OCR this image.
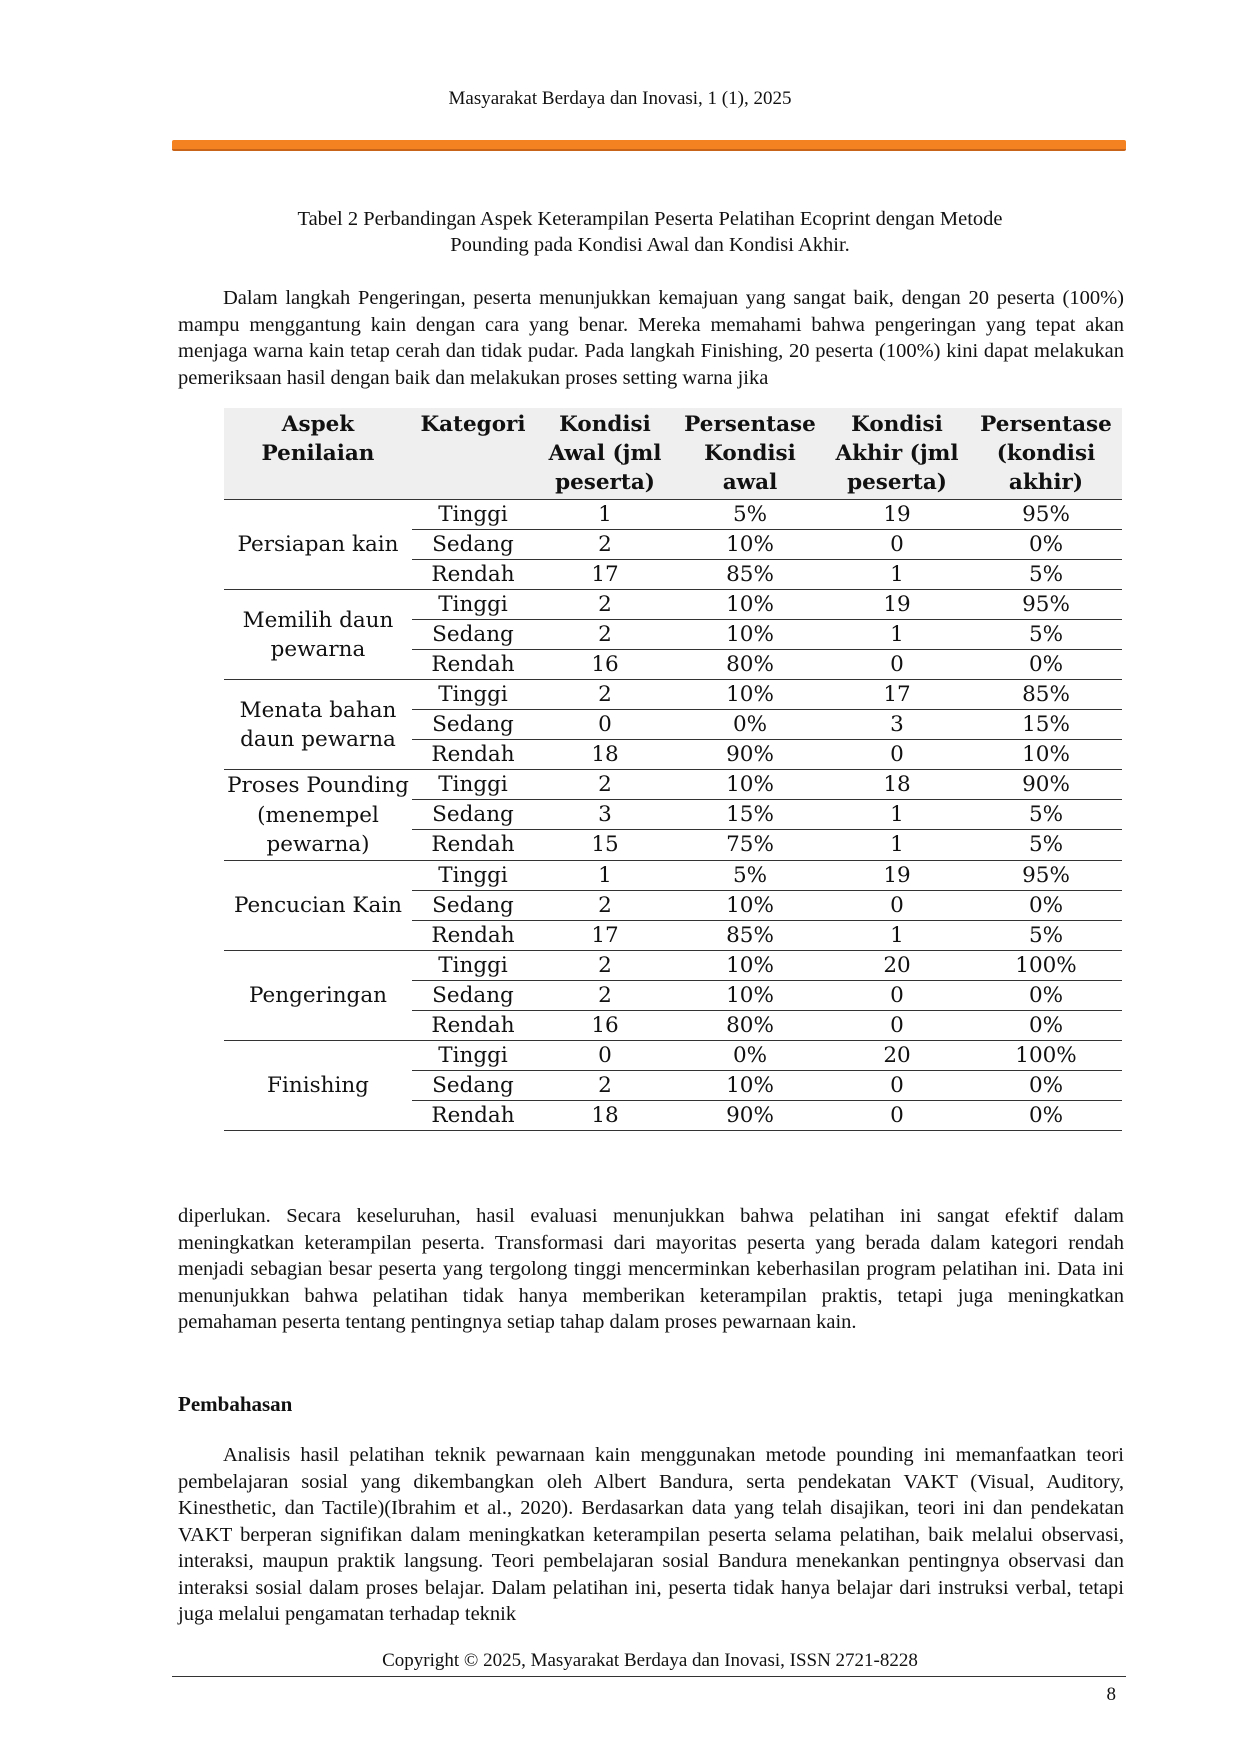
Masyarakat Berdaya dan Inovasi, 1 (1), 2025
Tabel 2 Perbandingan Aspek Keterampilan Peserta Pelatihan Ecoprint dengan Metode Pounding pada Kondisi Awal dan Kondisi Akhir.

Dalam langkah Pengeringan, peserta menunjukkan kemajuan yang sangat baik, dengan 20 peserta (100%) mampu menggantung kain dengan cara yang benar. Mereka memahami bahwa pengeringan yang tepat akan menjaga warna kain tetap cerah dan tidak pudar. Pada langkah Finishing, 20 peserta (100%) kini dapat melakukan pemeriksaan hasil dengan baik dan melakukan proses setting warna jika

Aspek Penilaian	Kategori	Kondisi Awal (jml peserta)	Persentase Kondisi awal	Kondisi Akhir (jml peserta)	Persentase (kondisi akhir)
Persiapan kain	Tinggi	1	5%	19	95%
	Sedang	2	10%	0	0%
	Rendah	17	85%	1	5%
Memilih daun pewarna	Tinggi	2	10%	19	95%
	Sedang	2	10%	1	5%
	Rendah	16	80%	0	0%
Menata bahan daun pewarna	Tinggi	2	10%	17	85%
	Sedang	0	0%	3	15%
	Rendah	18	90%	0	10%
Proses Pounding (menempel pewarna)	Tinggi	2	10%	18	90%
	Sedang	3	15%	1	5%
	Rendah	15	75%	1	5%
Pencucian Kain	Tinggi	1	5%	19	95%
	Sedang	2	10%	0	0%
	Rendah	17	85%	1	5%
Pengeringan	Tinggi	2	10%	20	100%
	Sedang	2	10%	0	0%
	Rendah	16	80%	0	0%
Finishing	Tinggi	0	0%	20	100%
	Sedang	2	10%	0	0%
	Rendah	18	90%	0	0%

diperlukan. Secara keseluruhan, hasil evaluasi menunjukkan bahwa pelatihan ini sangat efektif dalam meningkatkan keterampilan peserta. Transformasi dari mayoritas peserta yang berada dalam kategori rendah menjadi sebagian besar peserta yang tergolong tinggi mencerminkan keberhasilan program pelatihan ini. Data ini menunjukkan bahwa pelatihan tidak hanya memberikan keterampilan praktis, tetapi juga meningkatkan pemahaman peserta tentang pentingnya setiap tahap dalam proses pewarnaan kain.

Pembahasan

Analisis hasil pelatihan teknik pewarnaan kain menggunakan metode pounding ini memanfaatkan teori pembelajaran sosial yang dikembangkan oleh Albert Bandura, serta pendekatan VAKT (Visual, Auditory, Kinesthetic, dan Tactile)(Ibrahim et al., 2020). Berdasarkan data yang telah disajikan, teori ini dan pendekatan VAKT berperan signifikan dalam meningkatkan keterampilan peserta selama pelatihan, baik melalui observasi, interaksi, maupun praktik langsung. Teori pembelajaran sosial Bandura menekankan pentingnya observasi dan interaksi sosial dalam proses belajar. Dalam pelatihan ini, peserta tidak hanya belajar dari instruksi verbal, tetapi juga melalui pengamatan terhadap teknik

Copyright © 2025, Masyarakat Berdaya dan Inovasi, ISSN 2721-8228
8
